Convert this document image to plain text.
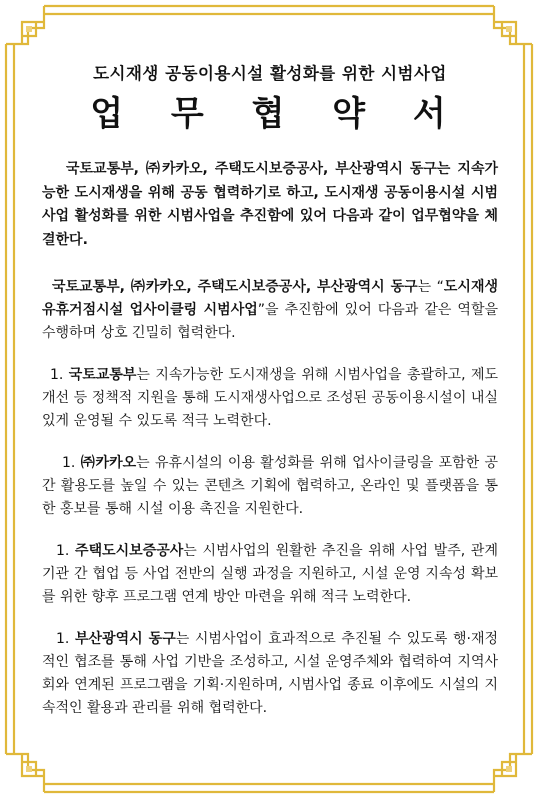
도시재생 공동이용시설 활성화를 위한 시범사업
업 무 협 약 서

국토교통부, ㈜카카오, 주택도시보증공사, 부산광역시 동구는 지속가능한 도시재생을 위해 공동 협력하기로 하고, 도시재생 공동이용시설 시범사업 활성화를 위한 시범사업을 추진함에 있어 다음과 같이 업무협약을 체결한다.

국토교통부, ㈜카카오, 주택도시보증공사, 부산광역시 동구는 “도시재생 유휴거점시설 업사이클링 시범사업”을 추진함에 있어 다음과 같은 역할을 수행하며 상호 긴밀히 협력한다.

1. 국토교통부는 지속가능한 도시재생을 위해 시범사업을 총괄하고, 제도 개선 등 정책적 지원을 통해 도시재생사업으로 조성된 공동이용시설이 내실있게 운영될 수 있도록 적극 노력한다.

1. ㈜카카오는 유휴시설의 이용 활성화를 위해 업사이클링을 포함한 공간 활용도를 높일 수 있는 콘텐츠 기획에 협력하고, 온라인 및 플랫폼을 통한 홍보를 통해 시설 이용 촉진을 지원한다.

1. 주택도시보증공사는 시범사업의 원활한 추진을 위해 사업 발주, 관계기관 간 협업 등 사업 전반의 실행 과정을 지원하고, 시설 운영 지속성 확보를 위한 향후 프로그램 연계 방안 마련을 위해 적극 노력한다.

1. 부산광역시 동구는 시범사업이 효과적으로 추진될 수 있도록 행·재정적인 협조를 통해 사업 기반을 조성하고, 시설 운영주체와 협력하여 지역사회와 연계된 프로그램을 기획·지원하며, 시범사업 종료 이후에도 시설의 지속적인 활용과 관리를 위해 협력한다.
